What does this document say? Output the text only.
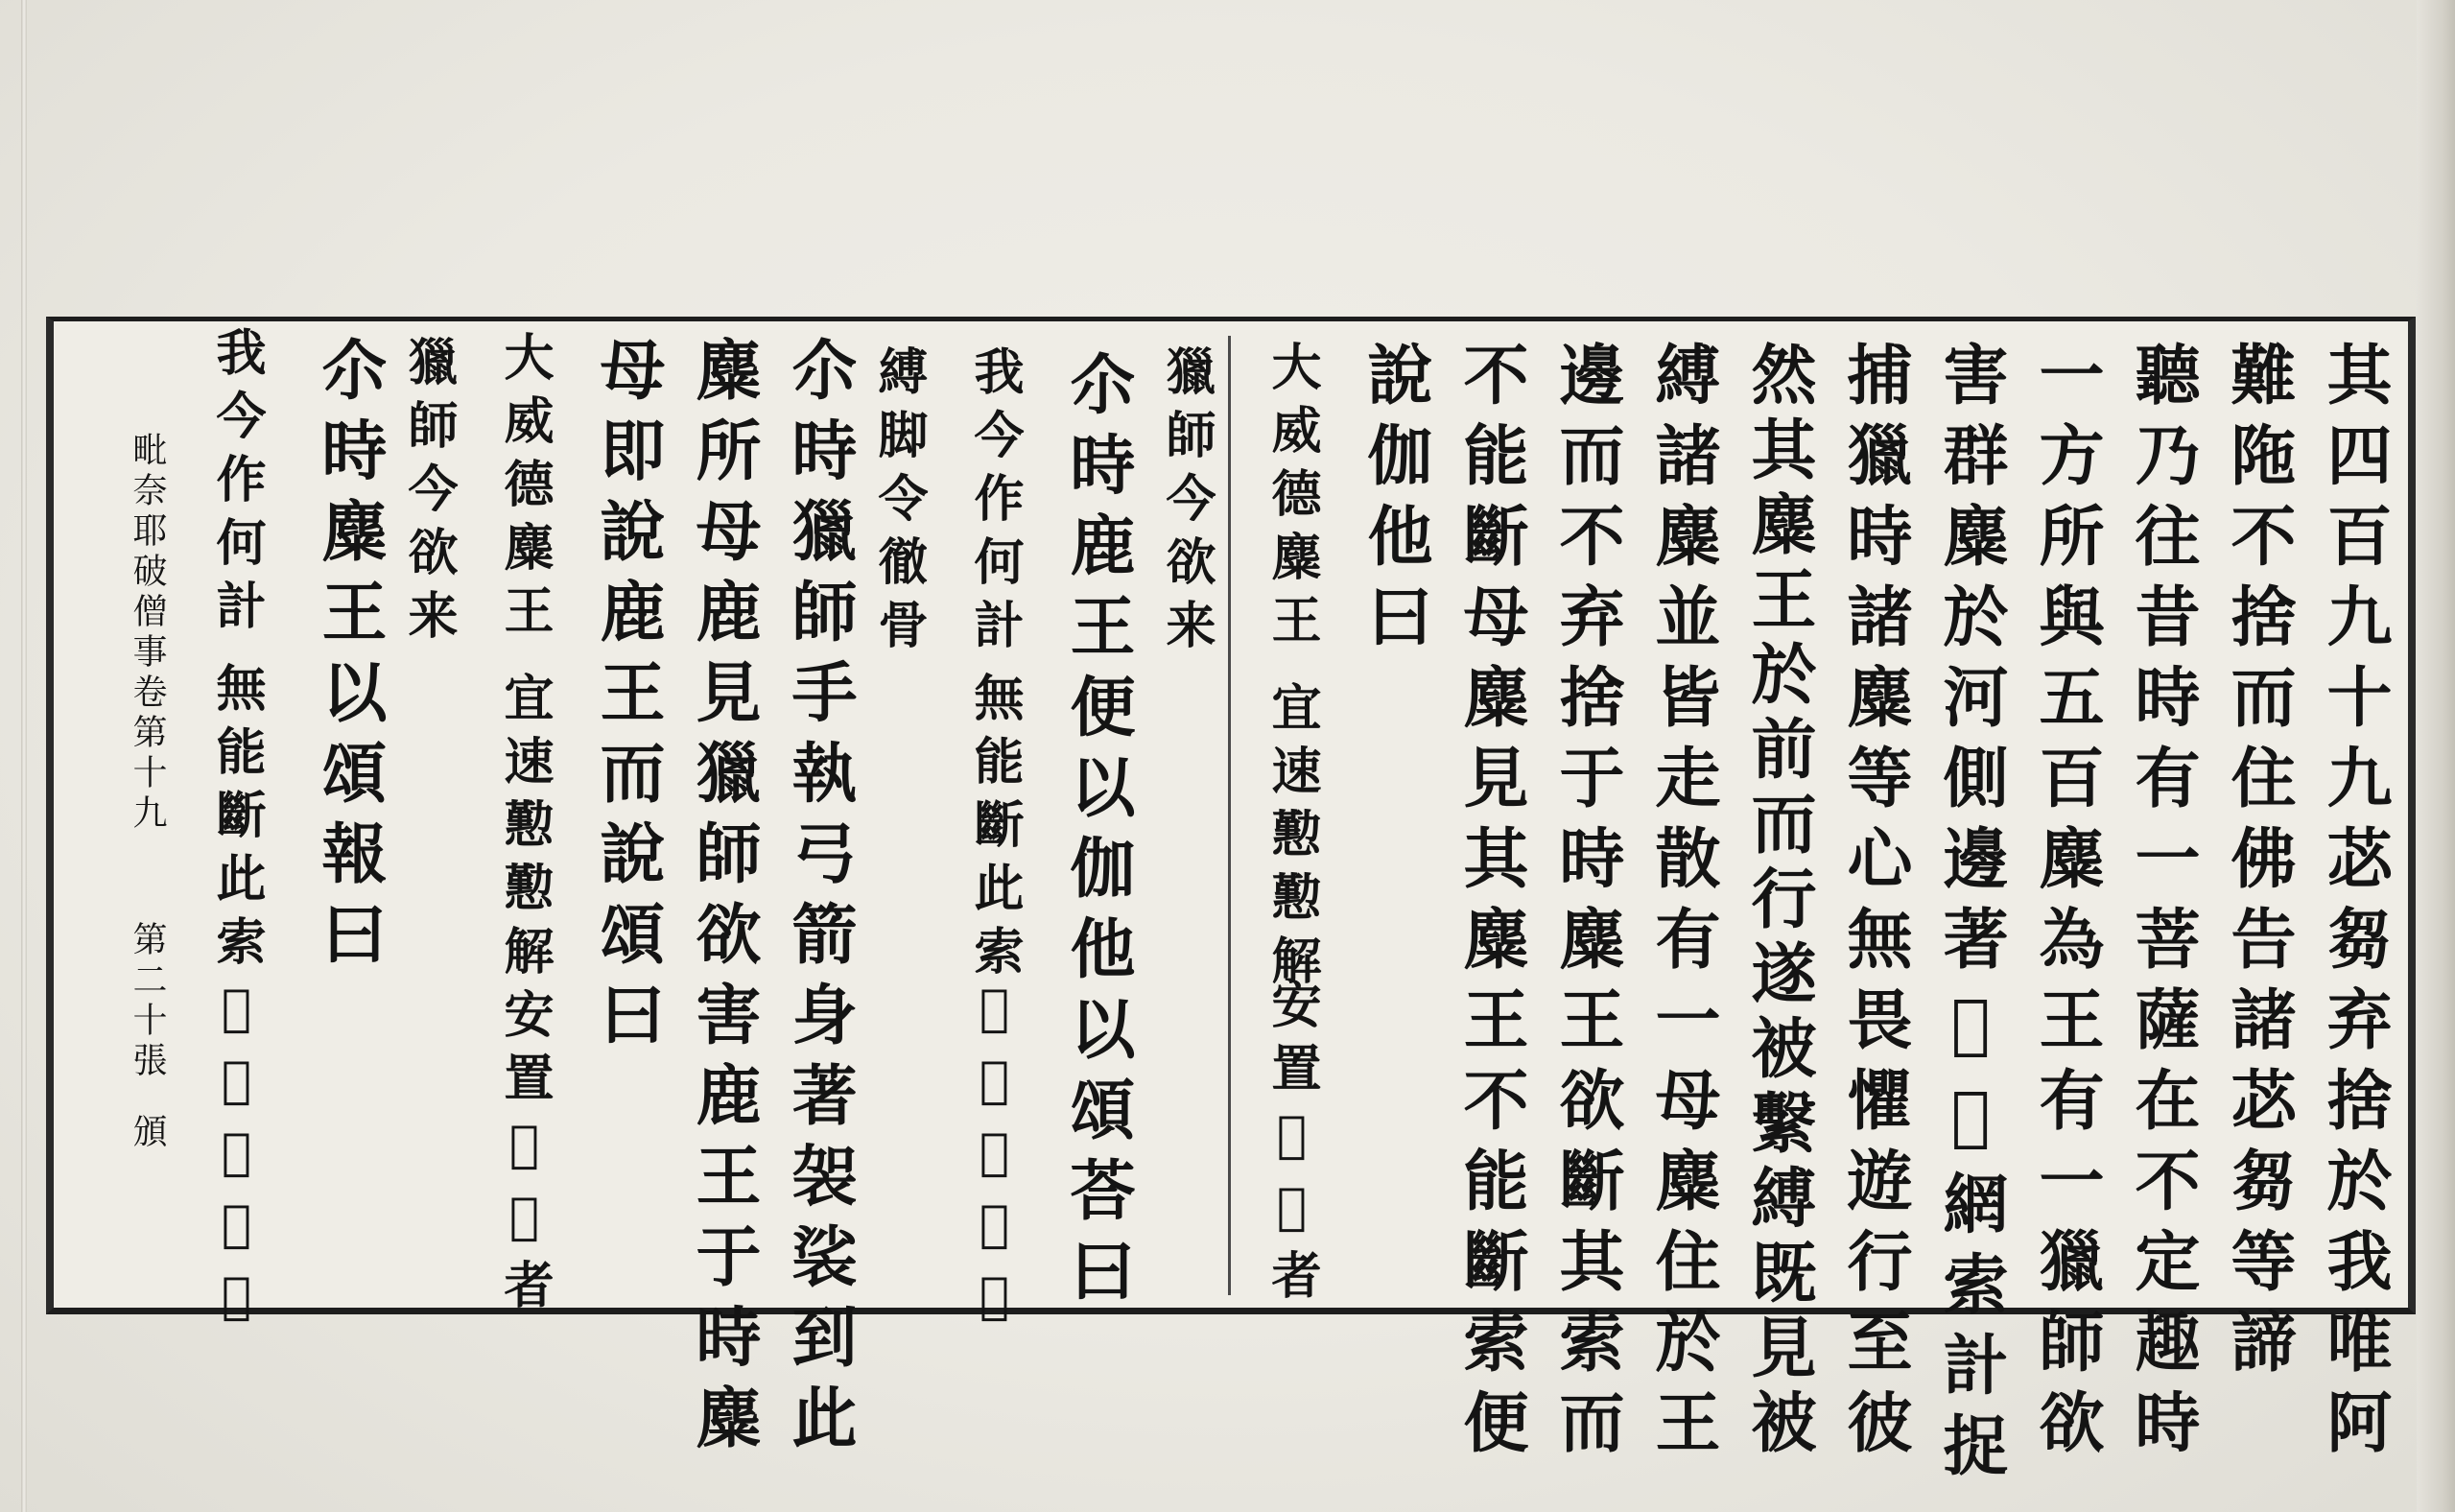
其四百九十九苾芻弃捨於我唯阿
難陁不捨而住佛告諸苾芻等諦
聽乃往昔時有一菩薩在不定趣時
一方所與五百麋為王有一獵師欲
害群麋於河側邊著𦊰𦋺網索計捉
捕獵時諸麋等心無畏懼遊行至彼
然其麋王於前而行遂被繫縛既見被
縛諸麋並皆走散有一母麋住於王
邊而不弃捨于時麋王欲斷其索而
不能斷母麋見其麋王不能斷索便
說伽他曰
大威德麋王
宜速懃懃解
安置𦊰𦋺者
獵師今欲来
尒時鹿王便以伽他以頌荅曰
我今作何計
無能斷此索
𦊰索極堅牢
縛脚令徹骨
尒時獵師手執弓箭身著袈裟到此
麋所母鹿見獵師欲害鹿王于時麋
母即說鹿王而說頌曰
大威德麋王
宜速懃懃解
安置𦊰𦋺者
獵師今欲来
尒時麋王以頌報曰
我今作何計
無能斷此索
𦊰索極堅牢
毗奈耶破僧事卷第十九
第二十張
頒
